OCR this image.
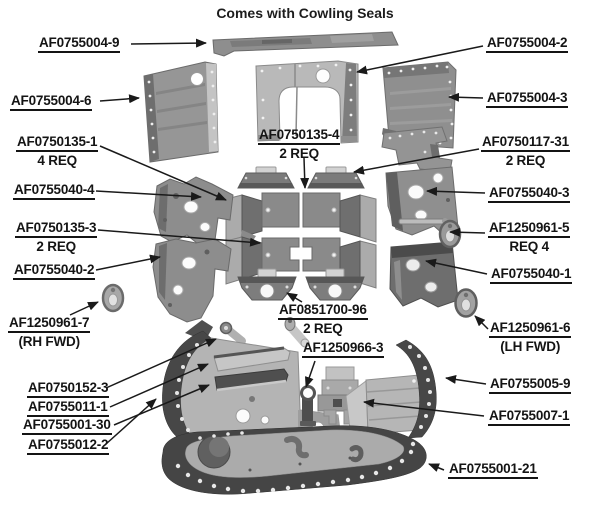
Comes with Cowling Seals
AF0755004-9	AF0755004-2
AF0755004-6	AF0755004-3
AF0750135-1
4 REQ
AF0750135-4
2 REQ
AF0750117-31
2 REQ
AF0755040-4	AF0755040-3
AF0750135-3
2 REQ
AF1250961-5
REQ 4
AF0755040-2	AF0755040-1
AF1250961-7
(RH FWD)
AF0851700-96
2 REQ	AF1250961-6
(LH FWD)
AF1250966-3
AF0750152-3
AF0755011-1
AF0755001-30
AF0755012-2
AF0755005-9
AF0755007-1
AF0755001-21
